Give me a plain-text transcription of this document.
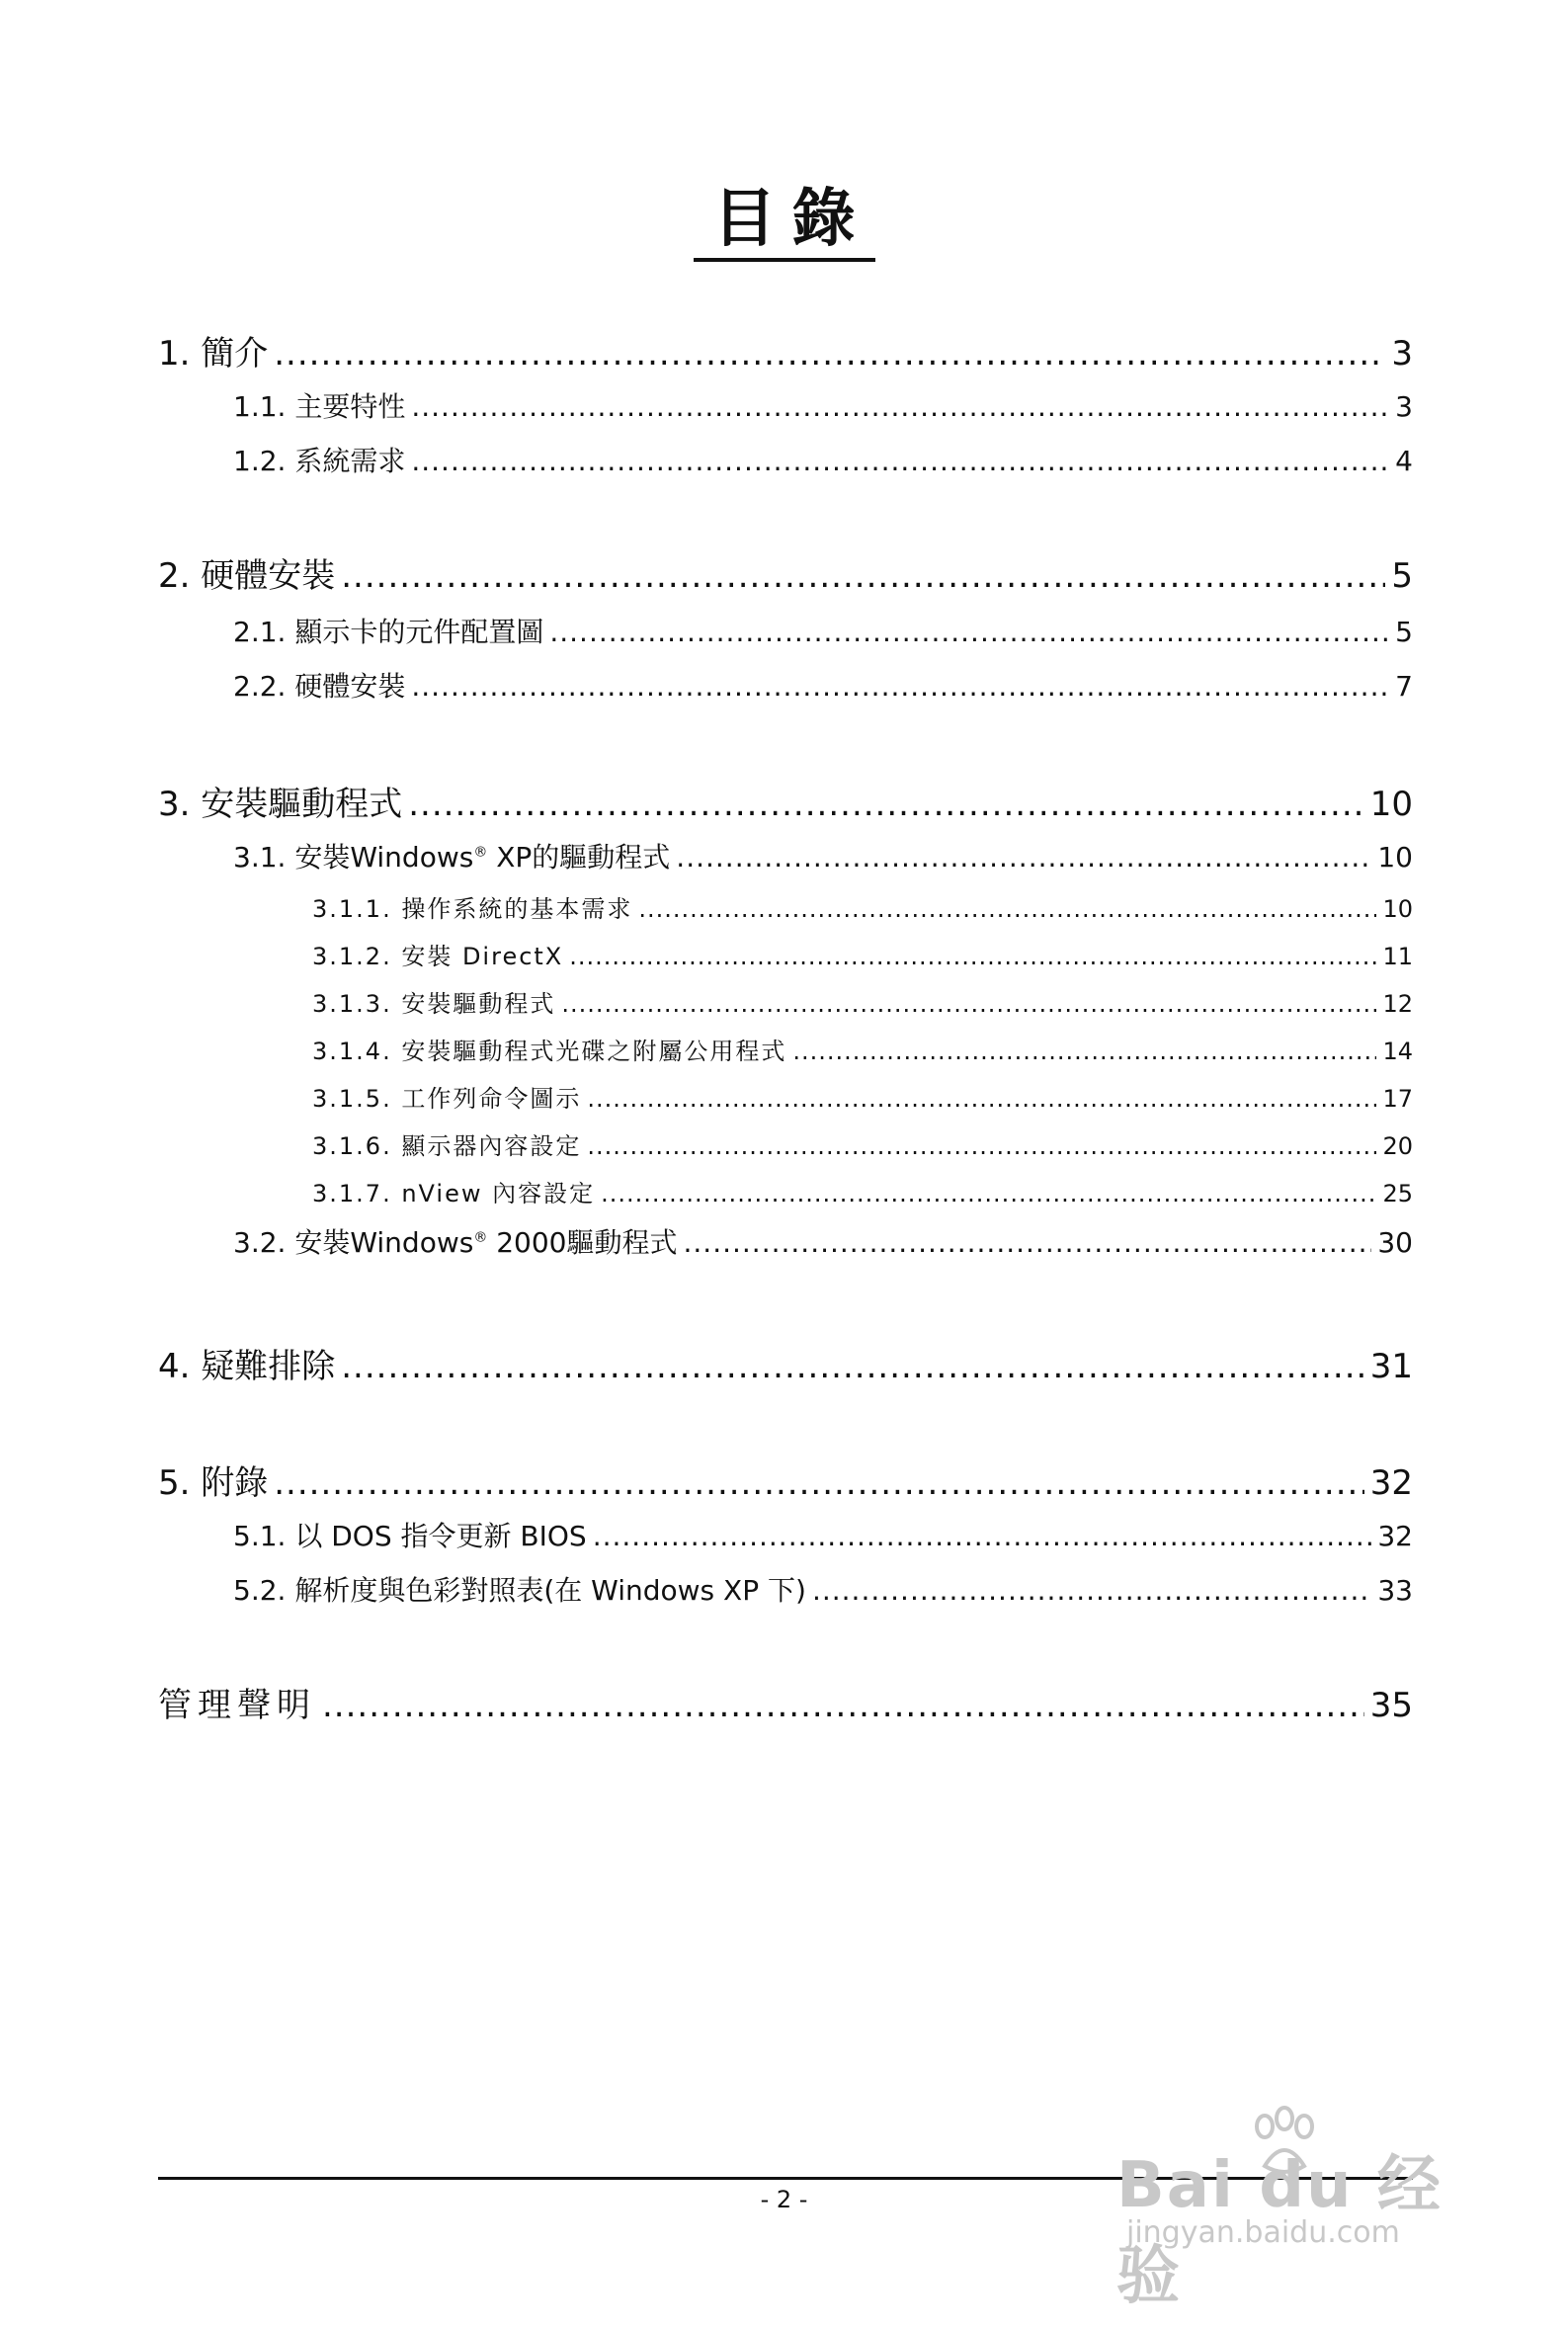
目錄
1. 簡介 .....	3
1.1. 主要特性 .....	3
1.2. 系統需求 .....	4
2. 硬體安裝 .....	5
2.1. 顯示卡的元件配置圖 .....	5
2.2. 硬體安裝 .....	7
3. 安裝驅動程式 .....	10
3.1. 安裝Windows® XP的驅動程式 .....	10
3.1.1. 操作系統的基本需求 .....	10
3.1.2. 安裝 DirectX .....	11
3.1.3. 安裝驅動程式 .....	12
3.1.4. 安裝驅動程式光碟之附屬公用程式 .....	14
3.1.5. 工作列命令圖示 .....	17
3.1.6. 顯示器內容設定 .....	20
3.1.7. nView 內容設定 .....	25
3.2. 安裝Windows® 2000驅動程式 .....	30
4. 疑難排除 .....	31
5. 附錄 .....	32
5.1. 以 DOS 指令更新 BIOS .....	32
5.2. 解析度與色彩對照表(在 Windows XP 下) .....	33
管理聲明 .....	35
- 2 -	Bai du 经验
jingyan.baidu.com
